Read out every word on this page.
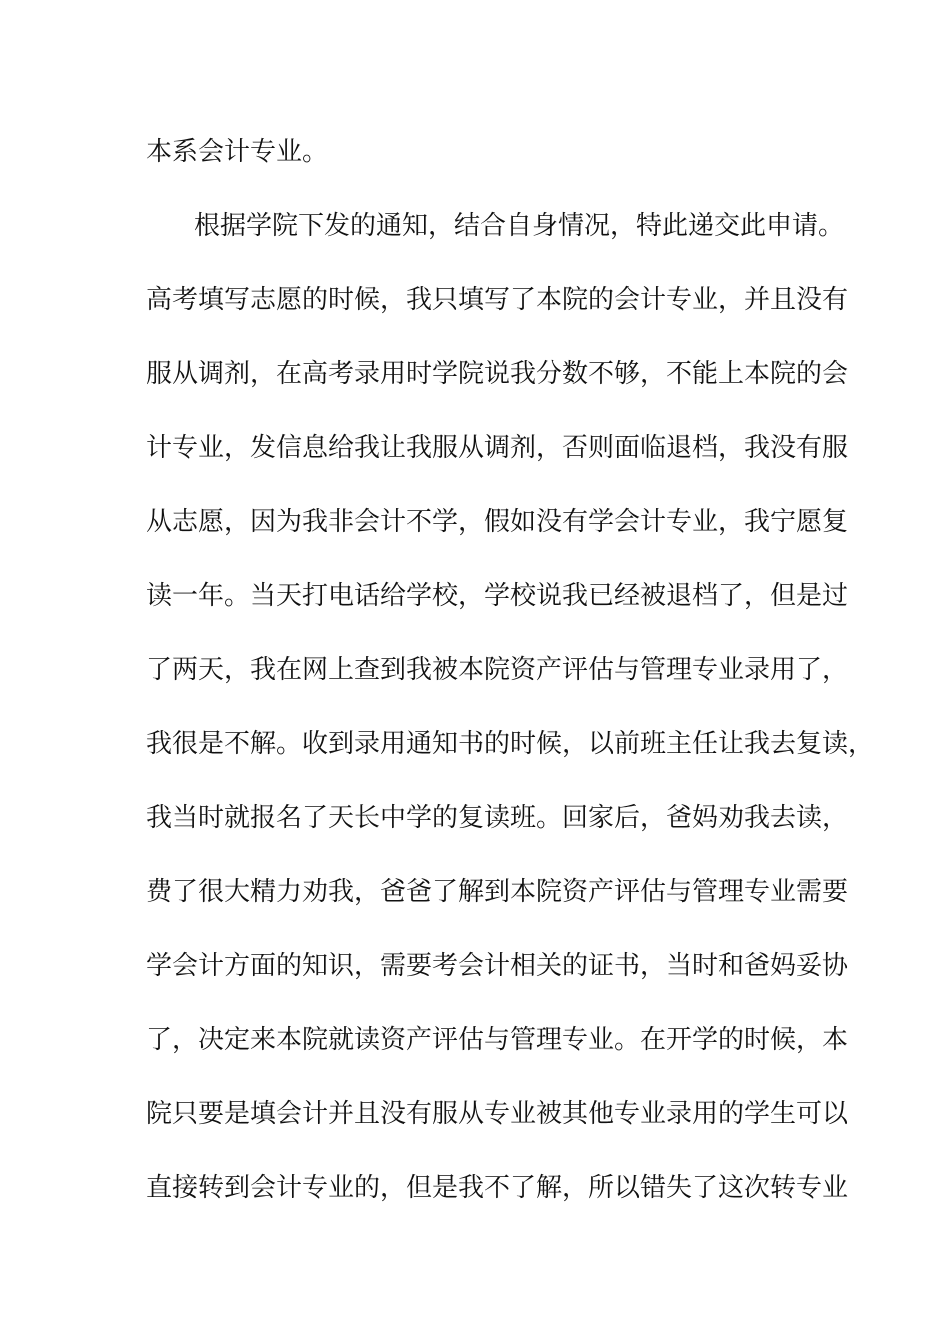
本系会计专业。
根据学院下发的通知，结合自身情况，特此递交此申请。
高考填写志愿的时候，我只填写了本院的会计专业，并且没有
服从调剂，在高考录用时学院说我分数不够，不能上本院的会
计专业，发信息给我让我服从调剂，否则面临退档，我没有服
从志愿，因为我非会计不学，假如没有学会计专业，我宁愿复
读一年。当天打电话给学校，学校说我已经被退档了，但是过
了两天，我在网上查到我被本院资产评估与管理专业录用了，
我很是不解。收到录用通知书的时候，以前班主任让我去复读，
我当时就报名了天长中学的复读班。回家后，爸妈劝我去读，
费了很大精力劝我，爸爸了解到本院资产评估与管理专业需要
学会计方面的知识，需要考会计相关的证书，当时和爸妈妥协
了，决定来本院就读资产评估与管理专业。在开学的时候，本
院只要是填会计并且没有服从专业被其他专业录用的学生可以
直接转到会计专业的，但是我不了解，所以错失了这次转专业
